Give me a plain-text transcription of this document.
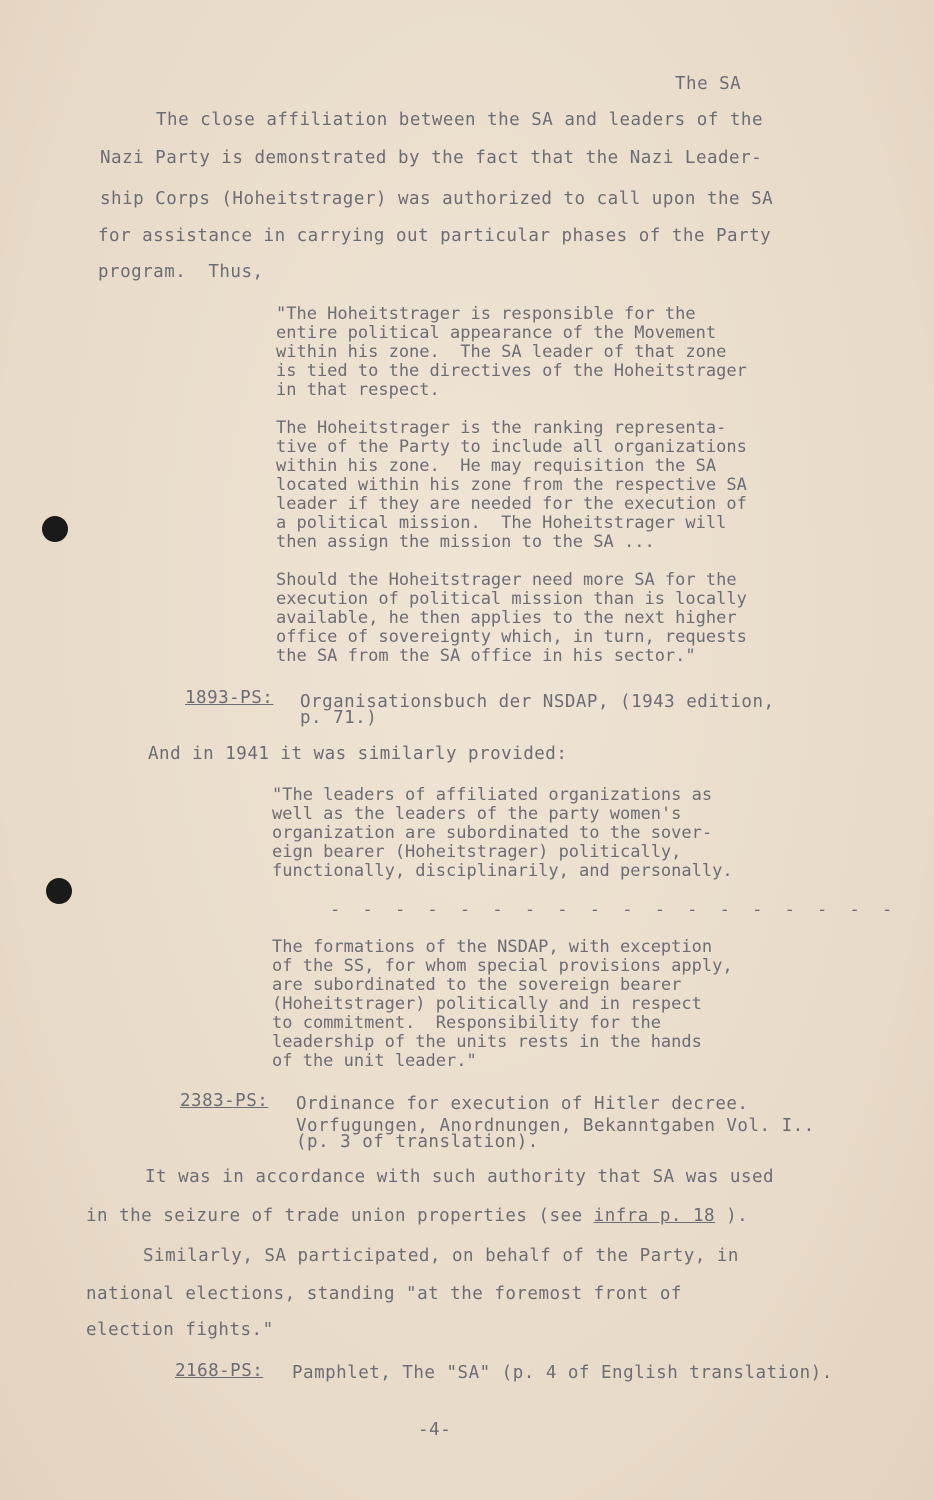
The SA
The close affiliation between the SA and leaders of the
Nazi Party is demonstrated by the fact that the Nazi Leader-
ship Corps (Hoheitstrager) was authorized to call upon the SA
for assistance in carrying out particular phases of the Party
program.  Thus,
"The Hoheitstrager is responsible for the
entire political appearance of the Movement
within his zone.  The SA leader of that zone
is tied to the directives of the Hoheitstrager
in that respect.
The Hoheitstrager is the ranking representa-
tive of the Party to include all organizations
within his zone.  He may requisition the SA
located within his zone from the respective SA
leader if they are needed for the execution of
a political mission.  The Hoheitstrager will
then assign the mission to the SA ...
Should the Hoheitstrager need more SA for the
execution of political mission than is locally
available, he then applies to the next higher
office of sovereignty which, in turn, requests
the SA from the SA office in his sector."
1893-PS: Organisationsbuch der NSDAP, (1943 edition,
p. 71.)
And in 1941 it was similarly provided:
"The leaders of affiliated organizations as
well as the leaders of the party women's
organization are subordinated to the sover-
eign bearer (Hoheitstrager) politically,
functionally, disciplinarily, and personally.
- - - - - - - - - - - - - - - - - -
The formations of the NSDAP, with exception
of the SS, for whom special provisions apply,
are subordinated to the sovereign bearer
(Hoheitstrager) politically and in respect
to commitment.  Responsibility for the
leadership of the units rests in the hands
of the unit leader."
2383-PS: Ordinance for execution of Hitler decree.
Vorfugungen, Anordnungen, Bekanntgaben Vol. I..
(p. 3 of translation).
It was in accordance with such authority that SA was used
in the seizure of trade union properties (see infra p. 18 ).
Similarly, SA participated, on behalf of the Party, in
national elections, standing "at the foremost front of
election fights."
2168-PS: Pamphlet, The "SA" (p. 4 of English translation).
-4-
